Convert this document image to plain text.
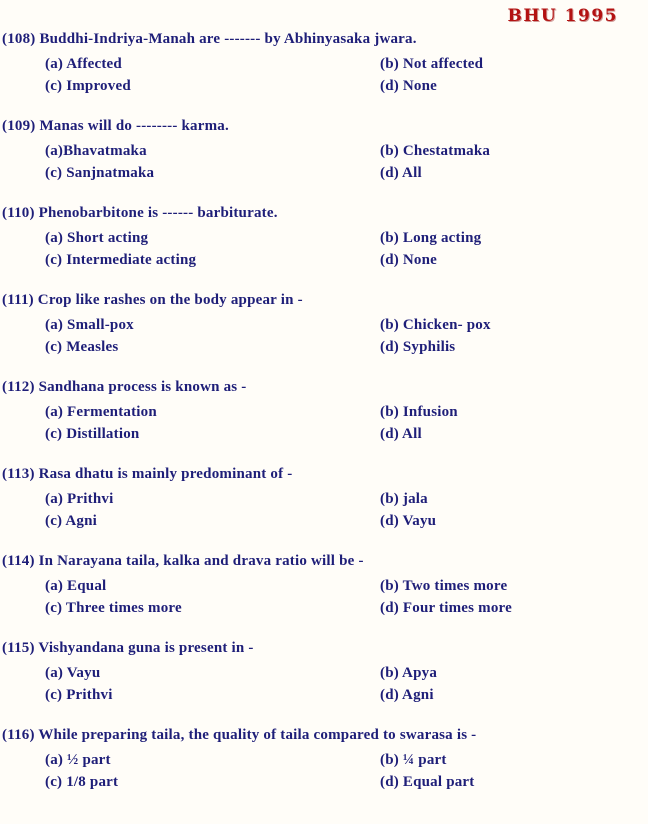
BHU 1995
(108) Buddhi-Indriya-Manah are ------- by Abhinyasaka jwara.
(a) Affected	(b) Not affected
(c) Improved	(d) None
(109) Manas will do -------- karma.
(a)Bhavatmaka	(b) Chestatmaka
(c) Sanjnatmaka	(d) All
(110) Phenobarbitone is ------ barbiturate.
(a) Short acting	(b) Long acting
(c) Intermediate acting	(d) None
(111) Crop like rashes on the body appear in -
(a) Small-pox	(b) Chicken- pox
(c) Measles	(d) Syphilis
(112) Sandhana process is known as -
(a) Fermentation	(b) Infusion
(c) Distillation	(d) All
(113) Rasa dhatu is mainly predominant of -
(a) Prithvi	(b) jala
(c) Agni	(d) Vayu
(114) In Narayana taila, kalka and drava ratio will be -
(a) Equal	(b) Two times more
(c) Three times more	(d) Four times more
(115) Vishyandana guna is present in -
(a) Vayu	(b) Apya
(c) Prithvi	(d) Agni
(116) While preparing taila, the quality of taila compared to swarasa is -
(a) ½ part	(b) ¼ part
(c) 1/8 part	(d) Equal part
